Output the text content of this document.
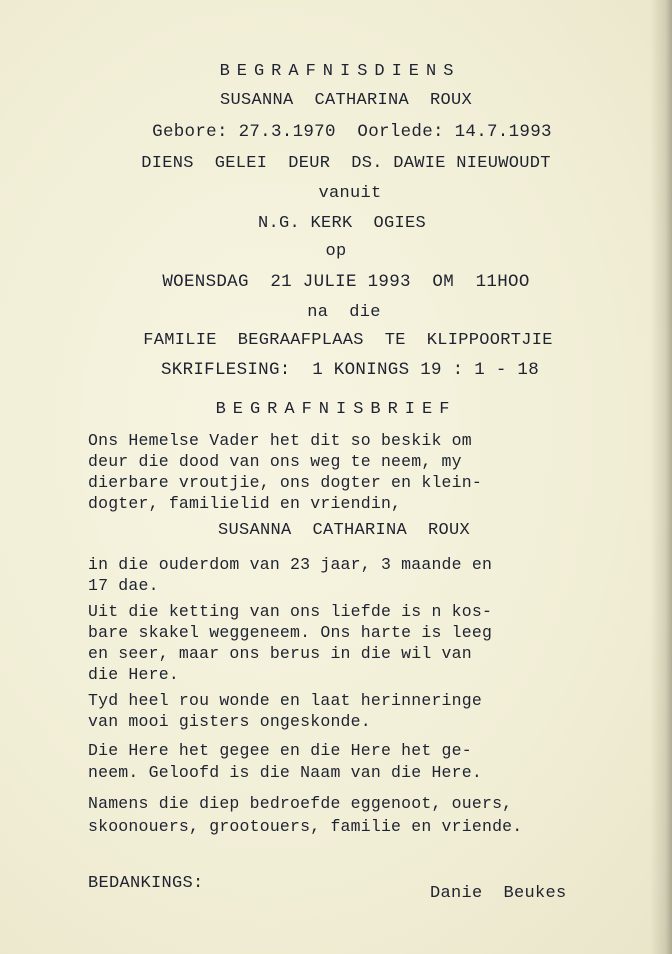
BEGRAFNISDIENS
SUSANNA  CATHARINA  ROUX
Gebore: 27.3.1970  Oorlede: 14.7.1993
DIENS  GELEI  DEUR  DS. DAWIE NIEUWOUDT
vanuit
N.G. KERK  OGIES
op
WOENSDAG  21 JULIE 1993  OM  11HOO
na  die
FAMILIE  BEGRAAFPLAAS  TE  KLIPPOORTJIE
SKRIFLESING:  1 KONINGS 19 : 1 - 18
BEGRAFNISBRIEF
Ons Hemelse Vader het dit so beskik om
deur die dood van ons weg te neem, my
dierbare vroutjie, ons dogter en klein-
dogter, familielid en vriendin,
SUSANNA  CATHARINA  ROUX
in die ouderdom van 23 jaar, 3 maande en
17 dae.
Uit die ketting van ons liefde is n kos-
bare skakel weggeneem. Ons harte is leeg
en seer, maar ons berus in die wil van
die Here.
Tyd heel rou wonde en laat herinneringe
van mooi gisters ongeskonde.
Die Here het gegee en die Here het ge-
neem. Geloofd is die Naam van die Here.
Namens die diep bedroefde eggenoot, ouers,
skoonouers, grootouers, familie en vriende.
BEDANKINGS:
Danie  Beukes
